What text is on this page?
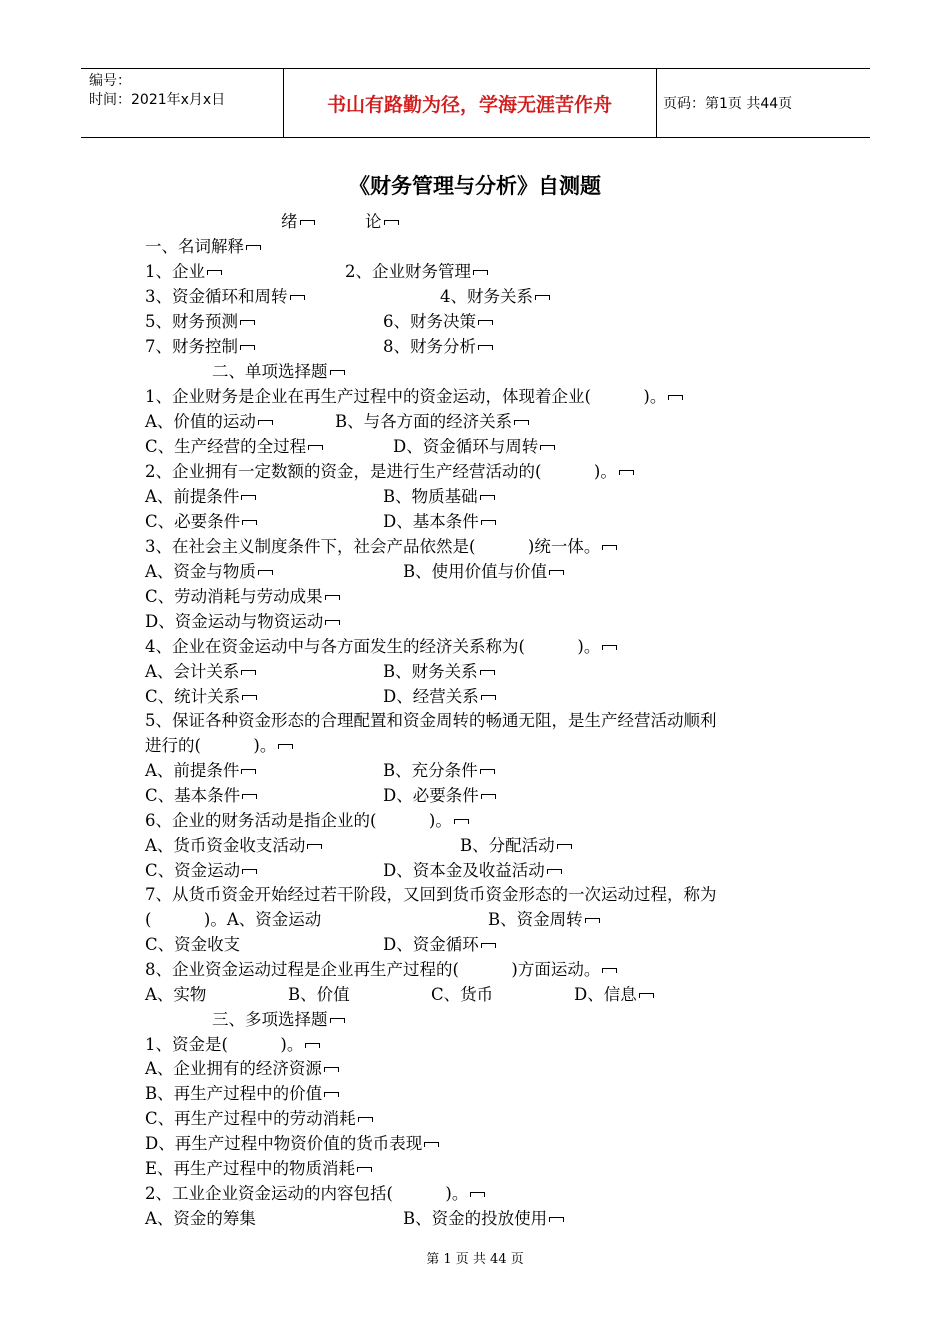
编号：
时间：2021年x月x日	书山有路勤为径，学海无涯苦作舟	页码：第1页 共44页
《财务管理与分析》自测题
绪	论
一、名词解释
1、企业	2、企业财务管理
3、资金循环和周转	4、财务关系
5、财务预测	6、财务决策
7、财务控制	8、财务分析
二、单项选择题
1、企业财务是企业在再生产过程中的资金运动，体现着企业(          )。
A、价值的运动	B、与各方面的经济关系
C、生产经营的全过程	D、资金循环与周转
2、企业拥有一定数额的资金，是进行生产经营活动的(          )。
A、前提条件	B、物质基础
C、必要条件	D、基本条件
3、在社会主义制度条件下，社会产品依然是(          )统一体。
A、资金与物质	B、使用价值与价值
C、劳动消耗与劳动成果
D、资金运动与物资运动
4、企业在资金运动中与各方面发生的经济关系称为(          )。
A、会计关系	B、财务关系
C、统计关系	D、经营关系
5、保证各种资金形态的合理配置和资金周转的畅通无阻，是生产经营活动顺利
进行的(          )。
A、前提条件	B、充分条件
C、基本条件	D、必要条件
6、企业的财务活动是指企业的(          )。
A、货币资金收支活动	B、分配活动
C、资金运动	D、资本金及收益活动
7、从货币资金开始经过若干阶段，又回到货币资金形态的一次运动过程，称为
(          )。A、资金运动	B、资金周转
C、资金收支	D、资金循环
8、企业资金运动过程是企业再生产过程的(          )方面运动。
A、实物	B、价值	C、货币	D、信息
三、多项选择题
1、资金是(          )。
A、企业拥有的经济资源
B、再生产过程中的价值
C、再生产过程中的劳动消耗
D、再生产过程中物资价值的货币表现
E、再生产过程中的物质消耗
2、工业企业资金运动的内容包括(          )。
A、资金的筹集	B、资金的投放使用
第 1 页 共 44 页
